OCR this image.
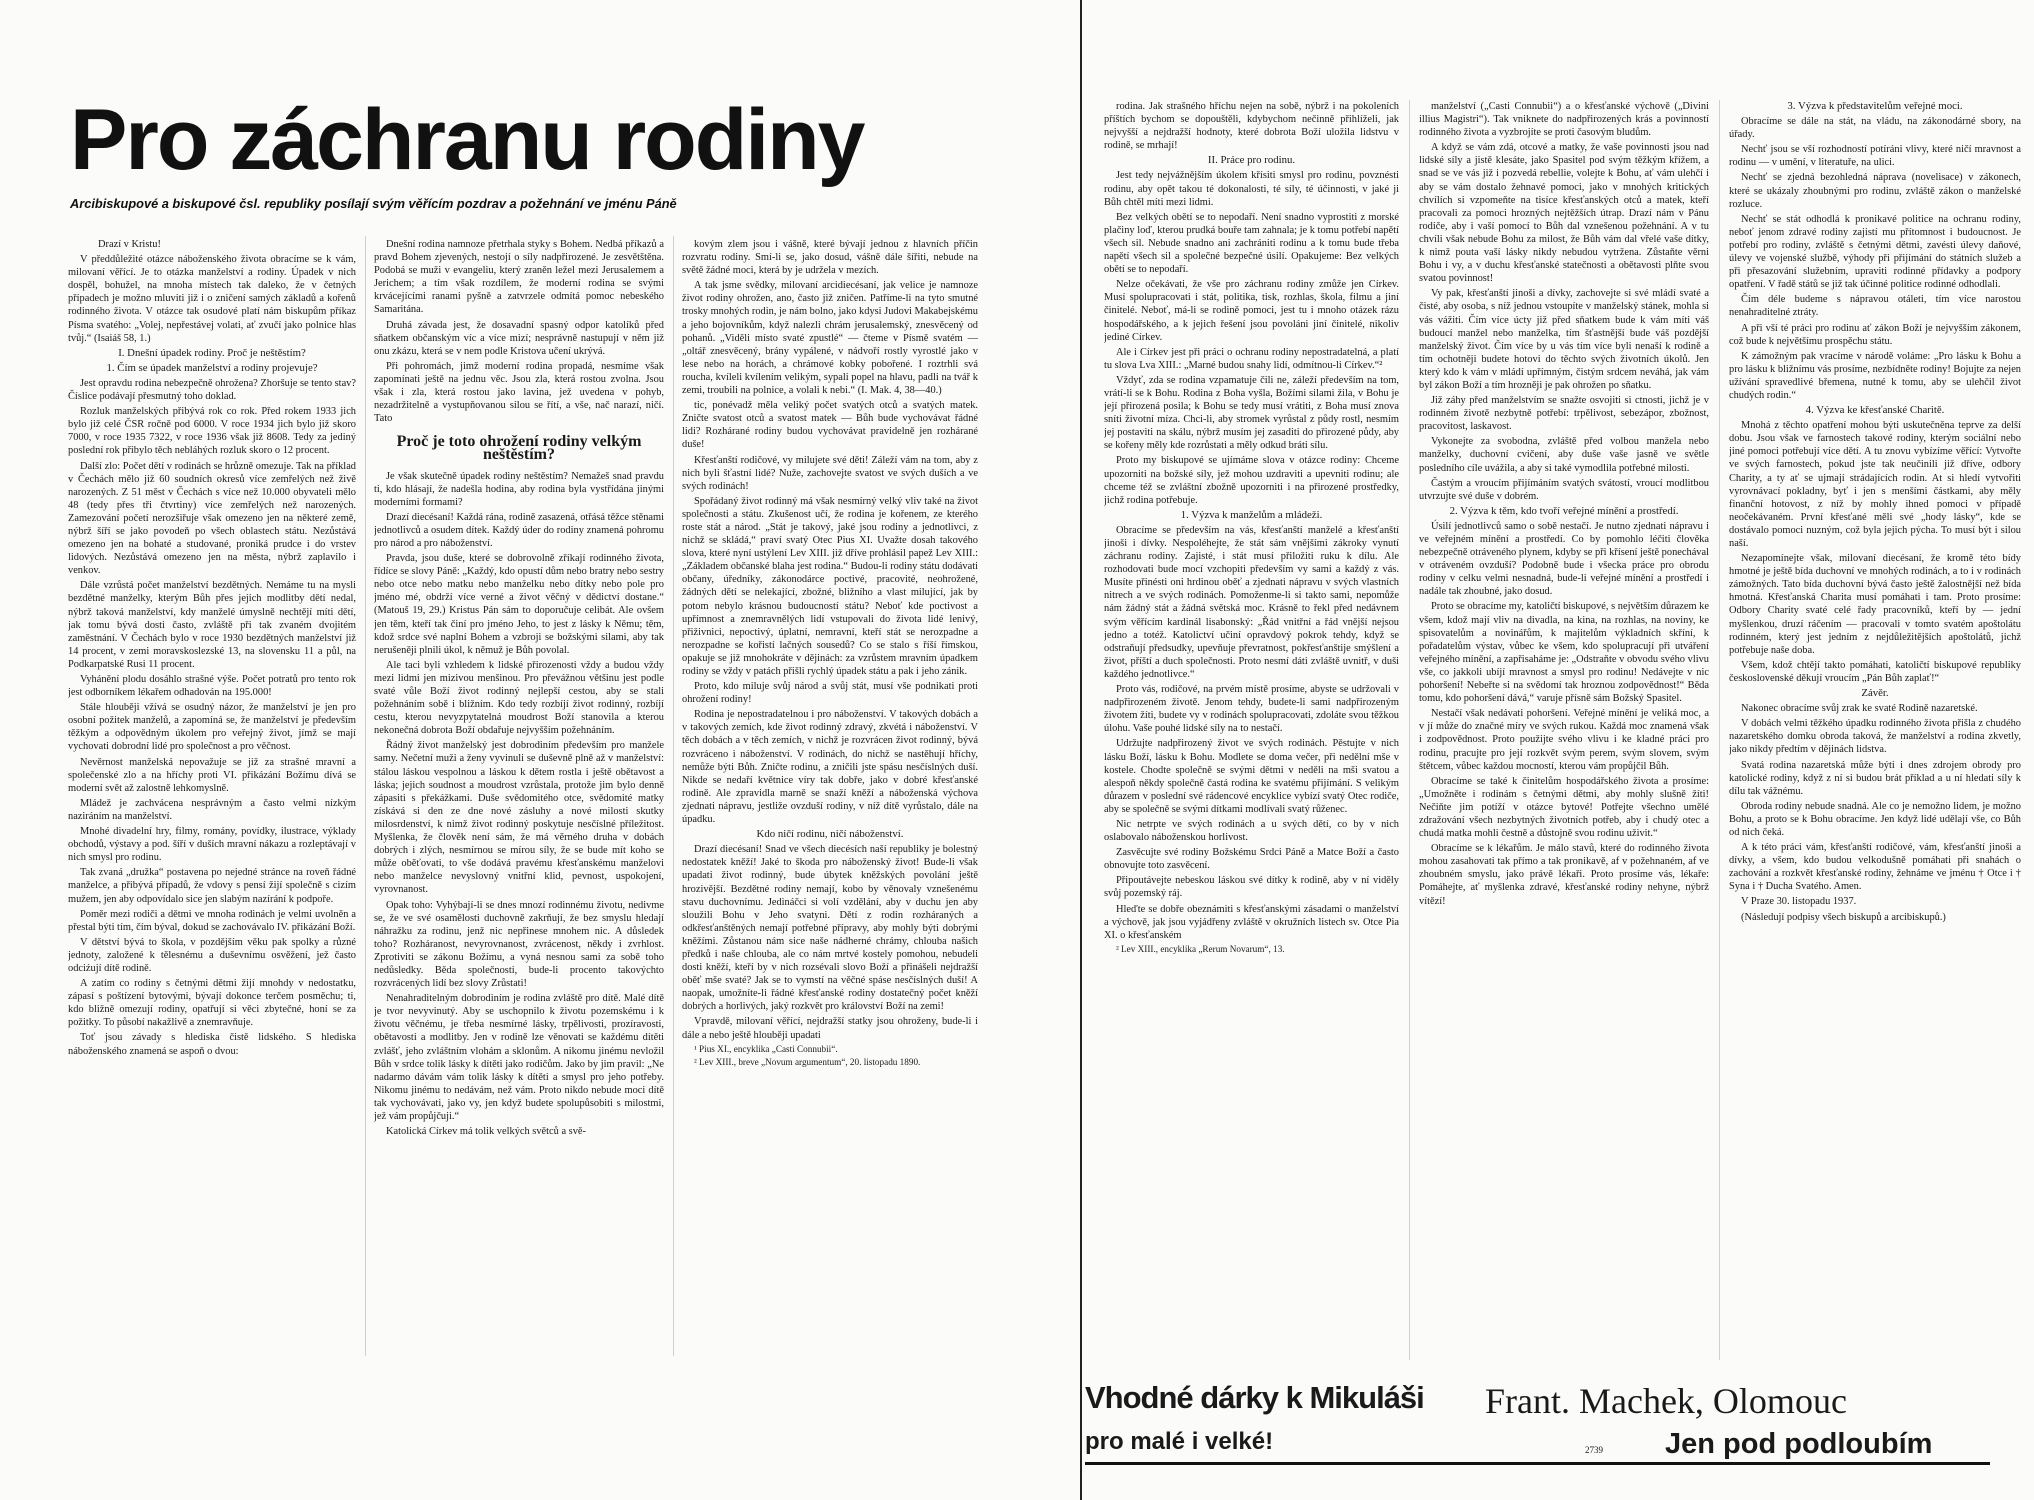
Pro záchranu rodiny
Arcibiskupové a biskupové čsl. republiky posílají svým věřícím pozdrav a požehnání ve jménu Páně

Drazí v Kristu!

V předdůležité otázce náboženského života obracíme se k vám, milovaní věřící. Je to otázka manželství a rodiny. Úpadek v nich dospěl, bohužel, na mnoha místech tak daleko, že v četných případech je možno mluviti již i o zničení samých základů a kořenů rodinného života. V otázce tak osudové platí nám biskupům příkaz Písma svatého: „Volej, nepřestávej volati, ať zvučí jako polnice hlas tvůj.“ (Isaiáš 58, 1.)

I. Dnešní úpadek rodiny. Proč je neštěstím?

1. Čím se úpadek manželství a rodiny projevuje?

Jest opravdu rodina nebezpečně ohrožena? Zhoršuje se tento stav? Číslice podávají přesmutný toho doklad.

Rozluk manželských přibývá rok co rok. Před rokem 1933 jich bylo již celé ČSR ročně pod 6000. V roce 1934 jich bylo již skoro 7000, v roce 1935 7322, v roce 1936 však již 8608. Tedy za jediný poslední rok přibylo těch nebláhých rozluk skoro o 12 procent.

Další zlo: Počet dětí v rodinách se hrůzně omezuje. Tak na příklad v Čechách mělo již 60 soudních okresů více zemřelých než živě narozených. Z 51 měst v Čechách s více než 10.000 obyvateli mělo 48 (tedy přes tři čtvrtiny) více zemřelých než narozených. Zamezování početí nerozšiřuje však omezeno jen na některé země, nýbrž šíří se jako povodeň po všech oblastech státu. Nezůstává omezeno jen na bohaté a studované, proniká prudce i do vrstev lidových. Nezůstává omezeno jen na města, nýbrž zaplavilo i venkov.

Dále vzrůstá počet manželství bezdětných. Nemáme tu na mysli bezdětné manželky, kterým Bůh přes jejich modlitby dětí nedal, nýbrž taková manželství, kdy manželé úmyslně nechtějí míti dětí, jak tomu bývá dosti často, zvláště při tak zvaném dvojitém zaměstnání. V Čechách bylo v roce 1930 bezdětných manželství již 14 procent, v zemi moravskoslezské 13, na slovensku 11 a půl, na Podkarpatské Rusi 11 procent.

Vyhánění plodu dosáhlo strašné výše. Počet potratů pro tento rok jest odborníkem lékařem odhadován na 195.000!

Stále hlouběji vžívá se osudný názor, že manželství je jen pro osobní požitek manželů, a zapomíná se, že manželství je především těžkým a odpovědným úkolem pro veřejný život, jímž se mají vychovati dobrodní lidé pro společnost a pro věčnost.

Nevěrnost manželská nepovažuje se již za strašné mravní a společenské zlo a na hříchy proti VI. přikázání Božímu dívá se moderní svět až zalostně lehkomyslně.

Mládež je zachvácena nesprávným a často velmi nízkým naziráním na manželství.

Mnohé divadelní hry, filmy, romány, povídky, ilustrace, výklady obchodů, výstavy a pod. šíří v duších mravní nákazu a rozleptávají v nich smysl pro rodinu.

Tak zvaná „družka“ postavena po nejedné stránce na roveň řádné manželce, a přibývá případů, že vdovy s pensí žijí společně s cizím mužem, jen aby odpovídalo sice jen slabým nazírání k podpoře.

Poměr mezi rodiči a dětmi ve mnoha rodinách je velmi uvolněn a přestal býti tím, čím býval, dokud se zachovávalo IV. přikázání Boží.

V dětství bývá to škola, v pozdějším věku pak spolky a různé jednoty, založené k tělesnému a duševnímu osvěžení, jež často odciźují dítě rodině.

A zatím co rodiny s četnými dětmi žijí mnohdy v nedostatku, zápasí s poštízení bytovými, bývají dokonce terčem posměchu; ti, kdo bližně omezují rodiny, opatřují si věci zbytečné, honí se za požitky. To působí nakažlivě a znemravňuje.

Toť jsou závady s hlediska čistě lidského. S hlediska náboženského znamená se aspoň o dvou:

Dnešní rodina namnoze přetrhala styky s Bohem. Nedbá příkazů a pravd Bohem zjevených, nestojí o síly nadpřirozené. Je zesvětštěna. Podobá se muži v evangeliu, který zraněn ležel mezi Jerusalemem a Jerichem; a tím však rozdílem, že moderní rodina se svými krvácejícími ranami pyšně a zatvrzele odmítá pomoc nebeského Samaritána.

Druhá závada jest, že dosavadní spasný odpor katolíků před sňatkem občanským víc a více mizí; nesprávně nastupují v něm již onu zkázu, která se v nem podle Kristova učení ukrývá.

Při pohromách, jimž moderní rodina propadá, nesmíme však zapomínati ještě na jednu věc. Jsou zla, která rostou zvolna. Jsou však i zla, která rostou jako lavina, jež uvedena v pohyb, nezadržitelně a vystupňovanou silou se řítí, a vše, nač narazí, ničí. Tato

Proč je toto ohrožení rodiny velkým neštěstím?

Je však skutečně úpadek rodiny neštěstím? Nemažeš snad pravdu ti, kdo hlásají, že nadešla hodina, aby rodina byla vystřídána jinými moderními formami?

Drazí diecésaní! Každá rána, rodině zasazená, otřásá těžce stěnami jednotlivců a osudem dítek. Každý úder do rodiny znamená pohromu pro národ a pro náboženství.

Pravda, jsou duše, které se dobrovolně zříkají rodinného života, řídíce se slovy Páně: „Každý, kdo opustí dům nebo bratry nebo sestry nebo otce nebo matku nebo manželku nebo dítky nebo pole pro jméno mé, obdrží více verné a život věčný v dědictví dostane.“ (Matouš 19, 29.) Kristus Pán sám to doporučuje celibát. Ale ovšem jen těm, kteří tak činí pro jméno Jeho, to jest z lásky k Němu; těm, kdož srdce své naplní Bohem a vzbroji se božskými silami, aby tak nerušeněji plnili úkol, k němuž je Bůh povolal.

Ale taci byli vzhledem k lidské přirozenosti vždy a budou vždy mezi lidmi jen mizivou menšinou. Pro převážnou většinu jest podle svaté vůle Boží život rodinný nejlepší cestou, aby se stali požehnáním sobě i bližním. Kdo tedy rozbíjí život rodinný, rozbíjí cestu, kterou nevyzpytatelná moudrost Boží stanovila a kterou nekonečná dobrota Boží obdařuje nejvyšším požehnáním.

Řádný život manželský jest dobrodiním především pro manžele samy. Nečetní muži a ženy vyvinuli se duševně plně až v manželství: stálou láskou vespolnou a láskou k dětem rostla i ještě obětavost a láska; jejich soudnost a moudrost vzrůstala, protože jim bylo denně zápasiti s překážkami. Duše svědomitého otce, svědomité matky získává si den ze dne nové zásluhy a nové milosti skutky milosrdenství, k nimž život rodinný poskytuje nesčíslné příležitost. Myšlenka, že člověk není sám, že má věrného druha v dobách dobrých i zlých, nesmírnou se mírou síly, že se bude mít koho se může oběťovati, to vše dodává pravému křesťanskému manželovi nebo manželce nevyslovný vnitřní klid, pevnost, uspokojení, vyrovnanost.

Opak toho: Vyhýbají-li se dnes mnozí rodinnému životu, nedivme se, že ve své osamělosti duchovně zakrňují, že bez smyslu hledají náhražku za rodinu, jenž nic nepřinese mnohem nic. A důsledek toho? Rozháranost, nevyrovnanost, zvrácenost, někdy i zvrhlost. Zprotiviti se zákonu Božímu, a vyná nesnou sami za sobě toho nedůsledky. Běda společnosti, bude-li procento takovýchto rozvrácených lidí bez slovy Zrůstati!

Nenahraditelným dobrodiním je rodina zvláště pro dítě. Malé dítě je tvor nevyvinutý. Aby se uschopnilo k životu pozemskému i k životu věčnému, je třeba nesmírné lásky, trpělivosti, prozíravosti, obětavosti a modlitby. Jen v rodině lze věnovati se každému dítěti zvlášť, jeho zvláštním vlohám a sklonům. A nikomu jinému nevložil Bůh v srdce tolik lásky k dítěti jako rodičům. Jako by jim pravil: „Ne nadarmo dávám vám tolik lásky k dítěti a smysl pro jeho potřeby. Nikomu jinému to nedávám, než vám. Proto nikdo nebude moci dítě tak vychovávati, jako vy, jen když budete spolupůsobiti s milostmi, jež vám propůjčuji.“

Katolická Církev má tolik velkých světců a svě-

kovým zlem jsou i vášně, které bývají jednou z hlavních příčin rozvratu rodiny. Smí-li se, jako dosud, vášně dále šířiti, nebude na světě žádné moci, která by je udržela v mezích.

A tak jsme svědky, milovaní arcidiecésaní, jak velice je namnoze život rodiny ohrožen, ano, často již zničen. Patříme-li na tyto smutné trosky mnohých rodin, je nám bolno, jako kdysi Judovi Makabejskému a jeho bojovníkům, když nalezli chrám jerusalemský, znesvěcený od pohanů. „Viděli místo svaté zpustlé“ — čteme v Písmě svatém — „oltář znesvěcený, brány vypálené, v nádvoří rostly vyrostlé jako v lese nebo na horách, a chrámové kobky pobořené. I roztrhli svá roucha, kvíleli kvílením velikým, sypali popel na hlavu, padli na tvář k zemi, troubili na polnice, a volali k nebi.“ (I. Mak. 4, 38—40.)

tic, ponévadž měla veliký počet svatých otců a svatých matek. Zničte svatost otců a svatost matek — Bůh bude vychovávat řádné lidi? Rozhárané rodiny budou vychovávat pravidelně jen rozhárané duše!

Křesťanští rodičové, vy milujete své děti! Záleží vám na tom, aby z nich byli šťastní lidé? Nuže, zachovejte svatost ve svých duších a ve svých rodinách!

Spořádaný život rodinný má však nesmírný velký vliv také na život společnosti a státu. Zkušenost učí, že rodina je kořenem, ze kterého roste stát a národ. „Stát je takový, jaké jsou rodiny a jednotlivci, z nichž se skládá,“ praví svatý Otec Pius XI. Uvažte dosah takového slova, které nyní ustýlení Lev XIII. již dříve prohlásil papež Lev XIII.: „Základem občanské blaha jest rodina.“ Budou-li rodiny státu dodávati občany, úředníky, zákonodárce poctivé, pracovité, neohrožené, žádných dětí se nelekající, zbožné, bližního a vlast milující, jak by potom nebylo krásnou budoucností státu? Neboť kde poctivost a upřímnost a znemravnělých lidí vstupovali do života lidé lenivý, přiživnici, nepoctivý, úplatní, nemravní, kteří stát se nerozpadne a nerozpadne se kořistí lačných sousedů? Co se stalo s říší římskou, opakuje se již mnohokráte v dějinách: za vzrůstem mravním úpadkem rodiny se vždy v patách přišli rychlý úpadek státu a pak i jeho zánik.

Proto, kdo miluje svůj národ a svůj stát, musí vše podnikati proti ohrožení rodiny!

Rodina je nepostradatelnou i pro náboženství. V takových dobách a v takových zemích, kde život rodinný zdravý, zkvétá i náboženství. V těch dobách a v těch zemích, v nichž je rozvrácen život rodinný, bývá rozvráceno i náboženství. V rodinách, do nichž se nastěhují hříchy, nemůže býti Bůh. Zničte rodinu, a zničili jste spásu nesčíslných duší. Nikde se nedaří květnice víry tak dobře, jako v dobré křesťanské rodině. Ale zpravidla marně se snaží kněží a náboženská výchova zjednati nápravu, jestliže ovzduší rodiny, v níž dítě vyrůstalo, dále na úpadku.

Kdo ničí rodinu, ničí náboženství.

Drazí diecésaní! Snad ve všech diecésích naší republiky je bolestný nedostatek kněží! Jaké to škoda pro náboženský život! Bude-li však upadati život rodinný, bude úbytek kněžských povolání ještě hrozivější. Bezdětné rodiny nemají, kobo by věnovaly vznešenému stavu duchovnímu. Jedináčci si volí vzdělání, aby v duchu jen aby sloužili Bohu v Jeho svatyni. Dětí z rodin rozháraných a odkřesťanštěných nemají potřebné přípravy, aby mohly býti dobrými kněžími. Zůstanou nám sice naše nádherné chrámy, chlouba našich předků i naše chlouba, ale co nám mrtvé kostely pomohou, nebudeli dosti kněží, kteří by v nich rozsévali slovo Boží a přinášeli nejdražší oběť mše svaté? Jak se to vymstí na věčné spáse nesčíslných duší! A naopak, umožníte-li řádné křesťanské rodiny dostatečný počet kněží dobrých a horlivých, jaký rozkvět pro království Boží na zemi!

Vpravdě, milovaní věřící, nejdražší statky jsou ohroženy, bude-li i dále a nebo ještě hlouběji upadati

¹ Pius XI., encyklika „Casti Connubii“.

² Lev XIII., breve „Novum argumentum“, 20. listopadu 1890.

rodina. Jak strašného hříchu nejen na sobě, nýbrž i na pokoleních příštích bychom se dopouštěli, kdybychom nečinně přihlíželi, jak nejvyšší a nejdražší hodnoty, které dobrota Boží uložila lidstvu v rodině, se mrhají!

II. Práce pro rodinu.

Jest tedy nejvážnějším úkolem křísiti smysl pro rodinu, povznésti rodinu, aby opět takou té dokonalosti, té síly, té účinnosti, v jaké ji Bůh chtěl míti mezi lidmi.

Bez velkých obětí se to nepodaří. Není snadno vyprostiti z morské plačiny loď, kterou prudká bouře tam zahnala; je k tomu potřebí napětí všech sil. Nebude snadno ani zachrániti rodinu a k tomu bude třeba napětí všech sil a společné bezpečné úsilí. Opakujeme: Bez velkých obětí se to nepodaří.

Nelze očekávati, že vše pro záchranu rodiny zmůže jen Církev. Musí spolupracovati i stát, politika, tisk, rozhlas, škola, filmu a jiní činitelé. Neboť, má-li se rodině pomoci, jest tu i mnoho otázek rázu hospodářského, a k jejich řešení jsou povoláni jiní činitelé, nikoliv jediné Církev.

Ale i Církev jest při práci o ochranu rodiny nepostradatelná, a platí tu slova Lva XIII.: „Marné budou snahy lidí, odmítnou-li Církev.“²

Vždyť, zda se rodina vzpamatuje čili ne, záleží především na tom, vrátí-li se k Bohu. Rodina z Boha vyšla, Božími silami žila, v Bohu je její přirozená posila; k Bohu se tedy musí vrátiti, z Boha musí znova sníti životní míza. Chci-li, aby stromek vyrůstal z půdy rostl, nesmím jej postaviti na skálu, nýbrž musím jej zasaditi do přirozené půdy, aby se kořeny měly kde rozrůstati a měly odkud bráti sílu.

Proto my biskupové se ujímáme slova v otázce rodiny: Chceme upozorniti na božské síly, jež mohou uzdraviti a upevniti rodinu; ale chceme též se zvláštní zbožně upozorniti i na přirozené prostředky, jichž rodina potřebuje.

1. Výzva k manželům a mládeži.

Obracíme se především na vás, křesťanští manželé a křesťanští jinoši i dívky. Nespoléhejte, že stát sám vnějšími zákroky vynutí záchranu rodiny. Zajisté, i stát musí přiložiti ruku k dílu. Ale rozhodovati bude mocí vzchopiti především vy sami a každý z vás. Musíte přinésti oni hrdinou oběť a zjednati nápravu v svých vlastních nitrech a ve svých rodinách. Pomoženme-li si takto sami, nepomůže nám žádný stát a žádná světská moc. Krásně to řekl před nedávnem svým věřícím kardinál lisabonský: „Řád vnitřní a řád vnější nejsou jedno a totéž. Katolictví učiní opravdový pokrok tehdy, když se odstraňují předsudky, upevňuje převratnost, pokřesťanštije smýšlení a život, příští a duch společnosti. Proto nesmí dáti zvláště uvnitř, v duši každého jednotlivce.“

Proto vás, rodičové, na prvém místě prosíme, abyste se udržovali v nadpřirozeném životě. Jenom tehdy, budete-li sami nadpřirozeným životem žíti, budete vy v rodinách spolupracovati, zdoláte svou těžkou úlohu. Vaše pouhé lidské síly na to nestačí.

Udržujte nadpřirozený život ve svých rodinách. Pěstujte v nich lásku Boží, lásku k Bohu. Modlete se doma večer, při nedělní mše v kostele. Chodte společně se svými dětmi v neděli na mši svatou a alespoň někdy společně častá rodina ke svatému přijímání. S velikým důrazem v poslední své rádencové encyklice vybízí svatý Otec rodiče, aby se společně se svými dítkami modlívali svatý růženec.

Nic netrpte ve svých rodinách a u svých dětí, co by v nich oslabovalo náboženskou horlivost.

Zasvěcujte své rodiny Božskému Srdci Páně a Matce Boží a často obnovujte toto zasvěcení.

Připoutávejte nebeskou láskou své dítky k rodině, aby v ní viděly svůj pozemský ráj.

Hleďte se dobře obeznámiti s křesťanskými zásadami o manželství a výchově, jak jsou vyjádřeny zvláště v okružních listech sv. Otce Pia XI. o křesťanském

² Lev XIII., encyklika „Rerum Novarum“, 13.

manželství („Casti Connubii“) a o křesťanské výchově („Divini illius Magistri“). Tak vniknete do nadpřirozených krás a povinností rodinného života a vyzbrojíte se proti časovým bludům.

A když se vám zdá, otcové a matky, že vaše povinnosti jsou nad lidské síly a jistě klesáte, jako Spasitel pod svým těžkým křížem, a snad se ve vás již i pozvedá rebellie, volejte k Bohu, ať vám ulehčí i aby se vám dostalo žehnavé pomoci, jako v mnohých kritických chvílích si vzpomeňte na tisíce křesťanských otců a matek, kteří pracovali za pomoci hrozných nejtěžších útrap. Drazí nám v Pánu rodiče, aby i vaší pomocí to Bůh dal vznešenou požehnání. A v tu chvíli však nebude Bohu za milost, že Bůh vám dal vřelé vaše dítky, k nimž pouta vaší lásky nikdy nebudou vytržena. Zůstaňte věrni Bohu i vy, a v duchu křesťanské statečnosti a obětavosti plňte svou svatou povinnost!

Vy pak, křesťanští jinoši a dívky, zachovejte si své mládí svaté a čisté, aby osoba, s níž jednou vstoupíte v manželský stánek, mohla si vás vážiti. Čím více úcty již před sňatkem bude k vám míti váš budoucí manžel nebo manželka, tím šťastnější bude váš pozdější manželský život. Čím více by u vás tím více byli nenaší k rodině a tím ochotněji budete hotovi do těchto svých životních úkolů. Jen který kdo k vám v mládí upřímným, čistým srdcem neváhá, jak vám byl zákon Boží a tím hrozněji je pak ohrožen po sňatku.

Již záhy před manželstvím se snažte osvojiti si ctnosti, jichž je v rodinném životě nezbytně potřebí: trpělivost, sebezápor, zbožnost, pracovitost, laskavost.

Vykonejte za svobodna, zvláště před volbou manžela nebo manželky, duchovní cvičení, aby duše vaše jasně ve světle posledního cíle uvážila, a aby si také vymodlila potřebné milosti.

Častým a vroucím přijímáním svatých svátostí, vroucí modlitbou utvrzujte své duše v dobrém.

2. Výzva k těm, kdo tvoří veřejné mínění a prostředí.

Úsilí jednotlivců samo o sobě nestačí. Je nutno zjednati nápravu i ve veřejném mínění a prostředí. Co by pomohlo léčiti člověka nebezpečně otráveného plynem, kdyby se při křísení ještě ponechával v otráveném ovzduší? Podobně bude i všecka práce pro obrodu rodiny v celku velmi nesnadná, bude-li veřejné mínění a prostředí i nadále tak zhoubné, jako dosud.

Proto se obracíme my, katoličtí biskupové, s největším důrazem ke všem, kdož mají vliv na divadla, na kina, na rozhlas, na noviny, ke spisovatelům a novinářům, k majitelům výkladních skříní, k pořadatelům výstav, vůbec ke všem, kdo spolupracují při utváření veřejného mínění, a zapřisaháme je: „Odstraňte v obvodu svého vlivu vše, co jakkoli ubíjí mravnost a smysl pro rodinu! Nedávejte v nic pohoršení! Nebeřte si na svědomí tak hroznou zodpovědnost!“ Běda tomu, kdo pohoršení dává,“ varuje přísně sám Božský Spasitel.

Nestačí však nedávati pohoršení. Veřejné mínění je veliká moc, a v jí může do značné míry ve svých rukou. Každá moc znamená však i zodpovědnost. Proto použijte svého vlivu i ke kladné práci pro rodinu, pracujte pro její rozkvět svým perem, svým slovem, svým štětcem, vůbec každou mocností, kterou vám propůjčil Bůh.

Obracíme se také k činitelům hospodářského života a prosíme: „Umožněte i rodinám s četnými dětmi, aby mohly slušně žíti! Nečiňte jim potíží v otázce bytové! Potřejte všechno umělé zdražování všech nezbytných životních potřeb, aby i chudý otec a chudá matka mohli čestně a důstojně svou rodinu uživit.“

Obracíme se k lékařům. Je málo stavů, které do rodinného života mohou zasahovati tak přímo a tak pronikavě, af v požehnaném, af ve zhoubném smyslu, jako právě lékaři. Proto prosíme vás, lékaře: Pomáhejte, ať myšlenka zdravé, křesťanské rodiny nehyne, nýbrž vítězí!

3. Výzva k představitelům veřejné moci.

Obracíme se dále na stát, na vládu, na zákonodárné sbory, na úřady.

Nechť jsou se vší rozhodností potíráni vlivy, které ničí mravnost a rodinu — v umění, v literatuře, na ulici.

Nechť se zjedná bezohledná náprava (novelisace) v zákonech, které se ukázaly zhoubnými pro rodinu, zvláště zákon o manželské rozluce.

Nechť se stát odhodlá k pronikavé politice na ochranu rodiny, neboť jenom zdravé rodiny zajistí mu přítomnost i budoucnost. Je potřebí pro rodiny, zvláště s četnými dětmi, zavésti úlevy daňové, úlevy ve vojenské službě, výhody při přijímání do státních služeb a při přesazování služebním, upraviti rodinné přídavky a podpory opatření. V řadě států se již tak účinné politice rodinné odhodlali.

Čím déle budeme s nápravou otáleti, tím více narostou nenahraditelné ztráty.

A při vší té práci pro rodinu ať zákon Boží je nejvyšším zákonem, což bude k největšímu prospěchu státu.

K zámožným pak vracíme v národě voláme: „Pro lásku k Bohu a pro lásku k bližnímu vás prosíme, nezbídněte rodiny! Bojujte za nejen užívání spravedlivé břemena, nutné k tomu, aby se ulehčil život chudých rodin.“

4. Výzva ke křesťanské Charitě.

Mnohá z těchto opatření mohou býti uskutečněna teprve za delší dobu. Jsou však ve farnostech takové rodiny, kterým sociální nebo jiné pomoci potřebují více dětí. A tu znovu vybízíme věřící: Vytvořte ve svých farnostech, pokud jste tak neučinili již dříve, odbory Charity, a ty ať se ujmají strádajících rodin. At si hledí vytvořiti vyrovnávací pokladny, byť i jen s menšími částkami, aby měly finanční hotovost, z níž by mohly ihned pomoci v případě neočekávaném. První křesťané měli své „hody lásky“, kde se dostávalo pomoci nuzným, což byla jejich pýcha. To musí být i silou naší.

Nezapomínejte však, milovaní diecésaní, že kromě této bídy hmotné je ještě bída duchovní ve mnohých rodinách, a to i v rodinách zámožných. Tato bída duchovní bývá často ještě žalostnější než bída hmotná. Křesťanská Charita musí pomáhati i tam. Proto prosíme: Odbory Charity svaté celé řady pracovníků, kteří by — jední myšlenkou, druzí ráčením — pracovali v tomto svatém apoštolátu rodinném, který jest jedním z nejdůležitějších apoštolátů, jichž potřebuje naše doba.

Všem, kdož chtějí takto pomáhati, katoličtí biskupové republiky československé děkují vroucím „Pán Bůh zaplať!“

Závěr.

Nakonec obracíme svůj zrak ke svaté Rodině nazaretské.

V dobách velmi těžkého úpadku rodinného života přišla z chudého nazaretského domku obroda taková, že manželství a rodina zkvetly, jako nikdy předtím v dějinách lidstva.

Svatá rodina nazaretská může býti i dnes zdrojem obrody pro katolické rodiny, když z ní si budou brát příklad a u ní hledati síly k dílu tak vážnému.

Obroda rodiny nebude snadná. Ale co je nemožno lidem, je možno Bohu, a proto se k Bohu obracíme. Jen když lidé udělají vše, co Bůh od nich čeká.

A k této práci vám, křesťanští rodičové, vám, křesťanští jinoši a dívky, a všem, kdo budou velkodušně pomáhati při snahách o zachování a rozkvět křesťanské rodiny, žehnáme ve jménu † Otce i † Syna i † Ducha Svatého. Amen.

V Praze 30. listopadu 1937.

(Následují podpisy všech biskupů a arcibiskupů.)

Vhodné dárky k Mikuláši
pro malé i velké!
Frant. Machek, Olomouc
Jen pod podloubím
2739
